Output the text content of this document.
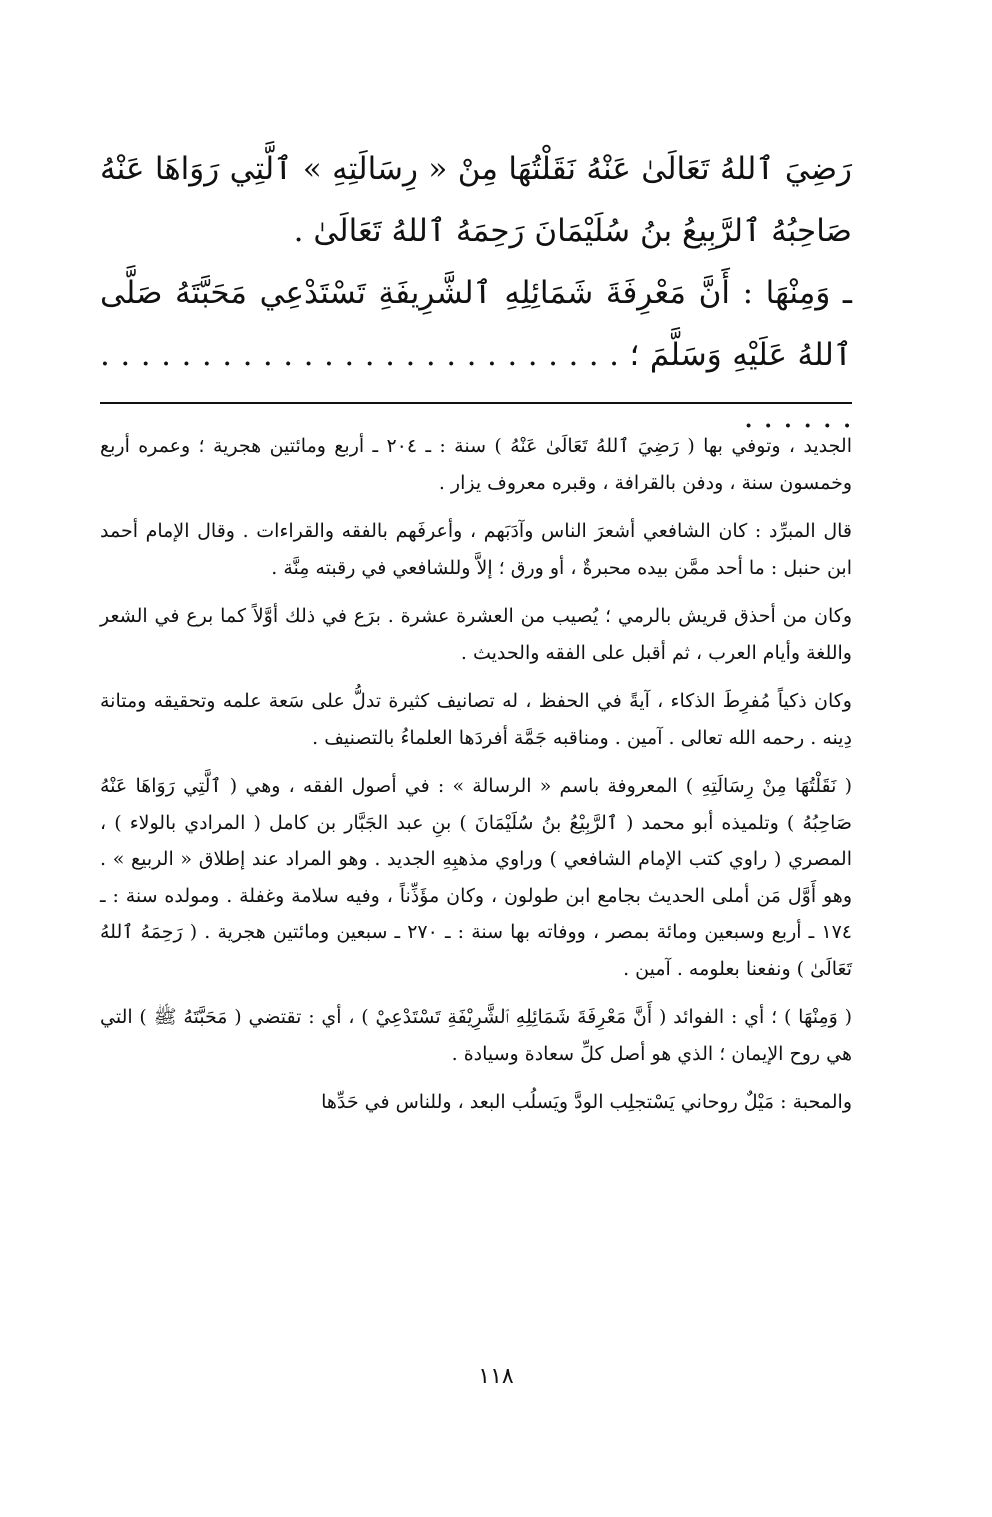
رَضِيَ ٱللهُ تَعَالَىٰ عَنْهُ نَقَلْتُهَا مِنْ « رِسَالَتِهِ » ٱلَّتِي رَوَاهَا عَنْهُ صَاحِبُهُ ٱلرَّبِيعُ بنُ سُلَيْمَانَ رَحِمَهُ ٱللهُ تَعَالَىٰ .

ـ وَمِنْهَا : أَنَّ مَعْرِفَةَ شَمَائِلِهِ ٱلشَّرِيفَةِ تَسْتَدْعِي مَحَبَّتَهُ صَلَّى ٱللهُ عَلَيْهِ وَسَلَّمَ ؛ . . . . . . . . . . . . . . . . . . . . . . . . . . . . . . . .

الجديد ، وتوفي بها ( رَضِيَ ٱللهُ تَعَالَىٰ عَنْهُ ) سنة : ـ ٢٠٤ ـ أربع ومائتين هجرية ؛ وعمره أربع وخمسون سنة ، ودفن بالقرافة ، وقبره معروف يزار .

قال المبرِّد : كان الشافعي أشعرَ الناس وآدَبَهم ، وأعرفَهم بالفقه والقراءات . وقال الإمام أحمد ابن حنبل : ما أحد ممَّن بيده محبرةٌ ، أو ورق ؛ إلاَّ وللشافعي في رقبته مِنَّة .

وكان من أحذق قريش بالرمي ؛ يُصيب من العشرة عشرة . برَع في ذلك أوَّلاً كما برع في الشعر واللغة وأيام العرب ، ثم أقبل على الفقه والحديث .

وكان ذكياً مُفرِطَ الذكاء ، آيةً في الحفظ ، له تصانيف كثيرة تدلُّ على سَعة علمه وتحقيقه ومتانة دِينه . رحمه الله تعالى . آمين . ومناقبه جَمَّة أفردَها العلماءُ بالتصنيف .

( نَقَلْتُهَا مِنْ رِسَالَتِهِ ) المعروفة باسم « الرسالة » : في أصول الفقه ، وهي ( ٱلَّتِي رَوَاهَا عَنْهُ صَاحِبُهُ ) وتلميذه أبو محمد ( ٱلرَّبِيْعُ بنُ سُلَيْمَانَ ) بنِ عبد الجَبَّار بن كامل ( المرادي بالولاء ) ، المصري ( راوي كتب الإمام الشافعي ) وراوي مذهبِهِ الجديد . وهو المراد عند إطلاق « الربيع » . وهو أَوَّل مَن أملى الحديث بجامع ابن طولون ، وكان مؤَذِّناً ، وفيه سلامة وغفلة . ومولده سنة : ـ ١٧٤ ـ أربع وسبعين ومائة بمصر ، ووفاته بها سنة : ـ ٢٧٠ ـ سبعين ومائتين هجرية . ( رَحِمَهُ ٱللهُ تَعَالَىٰ ) ونفعنا بعلومه . آمين .

( وَمِنْهَا ) ؛ أي : الفوائد ( أَنَّ مَعْرِفَةَ شَمَائِلِهِ ٱلشَّرِيْفَةِ تَسْتَدْعِيْ ) ، أي : تقتضي ( مَحَبَّتَهُ ﷺ ) التي هي روح الإيمان ؛ الذي هو أصل كلِّ سعادة وسيادة .

والمحبة : مَيْلٌ روحاني يَسْتجلِب الودَّ ويَسلُب البعد ، وللناس في حَدِّها

١١٨
